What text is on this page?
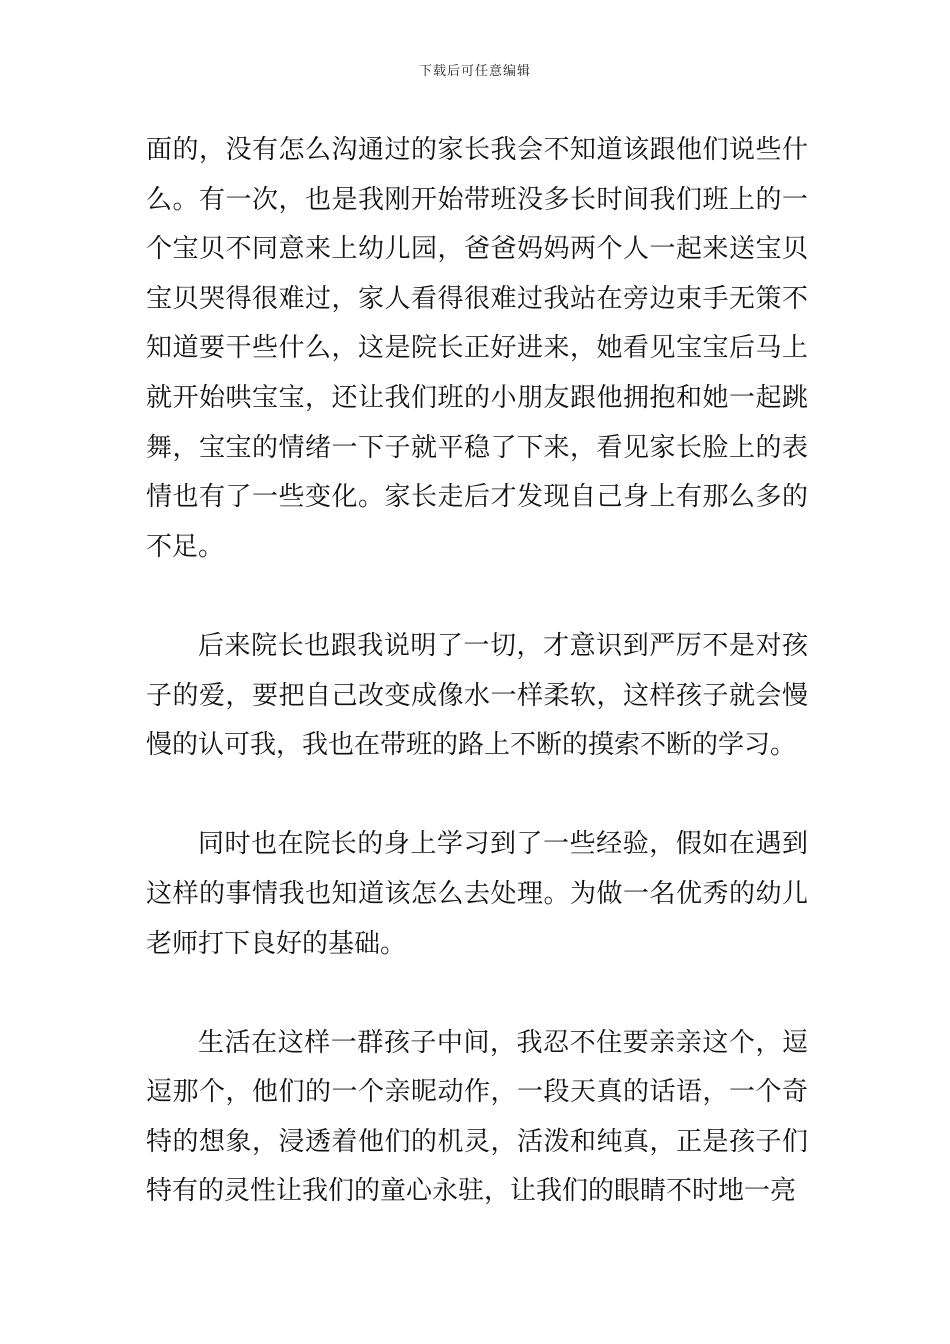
下载后可任意编辑

面的，没有怎么沟通过的家长我会不知道该跟他们说些什么。有一次，也是我刚开始带班没多长时间我们班上的一个宝贝不同意来上幼儿园，爸爸妈妈两个人一起来送宝贝宝贝哭得很难过，家人看得很难过我站在旁边束手无策不知道要干些什么，这是院长正好进来，她看见宝宝后马上就开始哄宝宝，还让我们班的小朋友跟他拥抱和她一起跳舞，宝宝的情绪一下子就平稳了下来，看见家长脸上的表情也有了一些变化。家长走后才发现自己身上有那么多的不足。

后来院长也跟我说明了一切，才意识到严厉不是对孩子的爱，要把自己改变成像水一样柔软，这样孩子就会慢慢的认可我，我也在带班的路上不断的摸索不断的学习。

同时也在院长的身上学习到了一些经验，假如在遇到这样的事情我也知道该怎么去处理。为做一名优秀的幼儿老师打下良好的基础。

生活在这样一群孩子中间，我忍不住要亲亲这个，逗逗那个，他们的一个亲昵动作，一段天真的话语，一个奇特的想象，浸透着他们的机灵，活泼和纯真，正是孩子们特有的灵性让我们的童心永驻，让我们的眼睛不时地一亮
